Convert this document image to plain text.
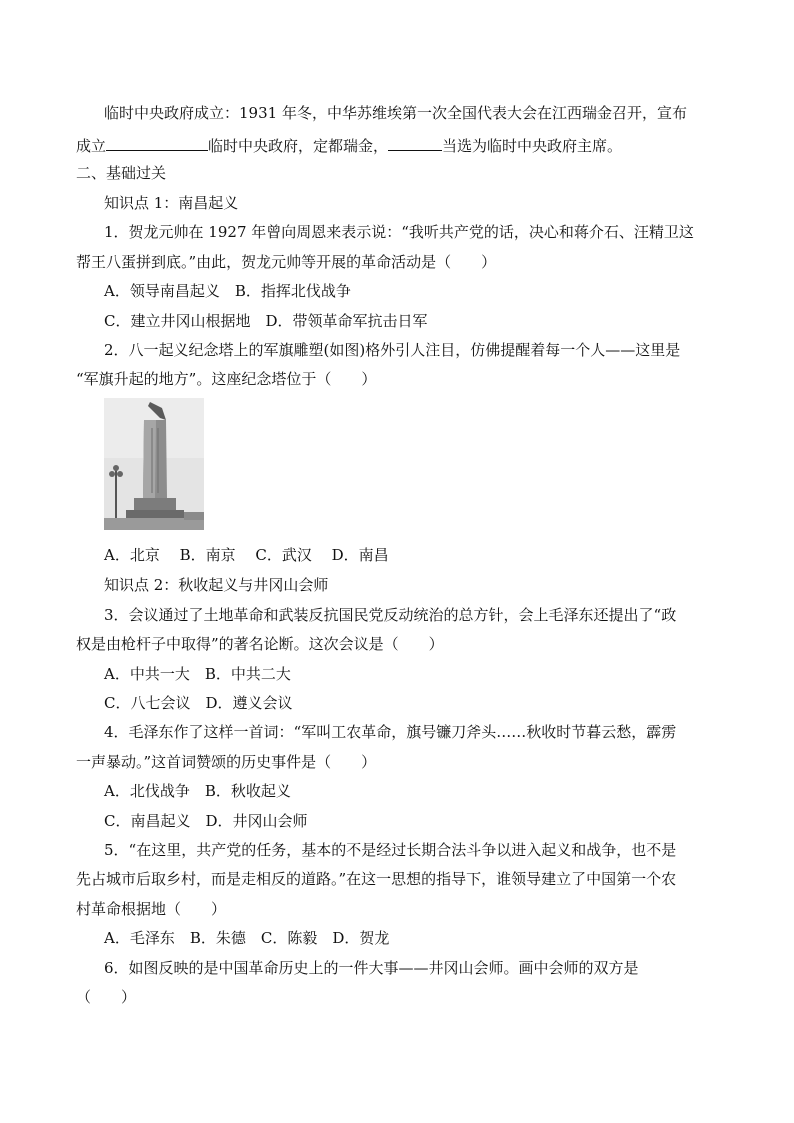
临时中央政府成立：1931 年冬，中华苏维埃第一次全国代表大会在江西瑞金召开，宣布
成立	临时中央政府，定都瑞金，	当选为临时中央政府主席。
二、基础过关
知识点 1：南昌起义
1．贺龙元帅在 1927 年曾向周恩来表示说：“我听共产党的话，决心和蒋介石、汪精卫这
帮王八蛋拼到底。”由此，贺龙元帅等开展的革命活动是（　　）
A．领导南昌起义　B．指挥北伐战争
C．建立井冈山根据地　D．带领革命军抗击日军
2．八一起义纪念塔上的军旗雕塑(如图)格外引人注目，仿佛提醒着每一个人——这里是
“军旗升起的地方”。这座纪念塔位于（　　）
A．北京　 B．南京　 C．武汉　 D．南昌
知识点 2：秋收起义与井冈山会师
3．会议通过了土地革命和武装反抗国民党反动统治的总方针，会上毛泽东还提出了“政
权是由枪杆子中取得”的著名论断。这次会议是（　　）
A．中共一大　B．中共二大
C．八七会议　D．遵义会议
4．毛泽东作了这样一首词：“军叫工农革命，旗号镰刀斧头……秋收时节暮云愁，霹雳
一声暴动。”这首词赞颂的历史事件是（　　）
A．北伐战争　B．秋收起义
C．南昌起义　D．井冈山会师
5．“在这里，共产党的任务，基本的不是经过长期合法斗争以进入起义和战争，也不是
先占城市后取乡村，而是走相反的道路。”在这一思想的指导下，谁领导建立了中国第一个农
村革命根据地（　　）
A．毛泽东　B．朱德　C．陈毅　D．贺龙
6．如图反映的是中国革命历史上的一件大事——井冈山会师。画中会师的双方是
（　　）
